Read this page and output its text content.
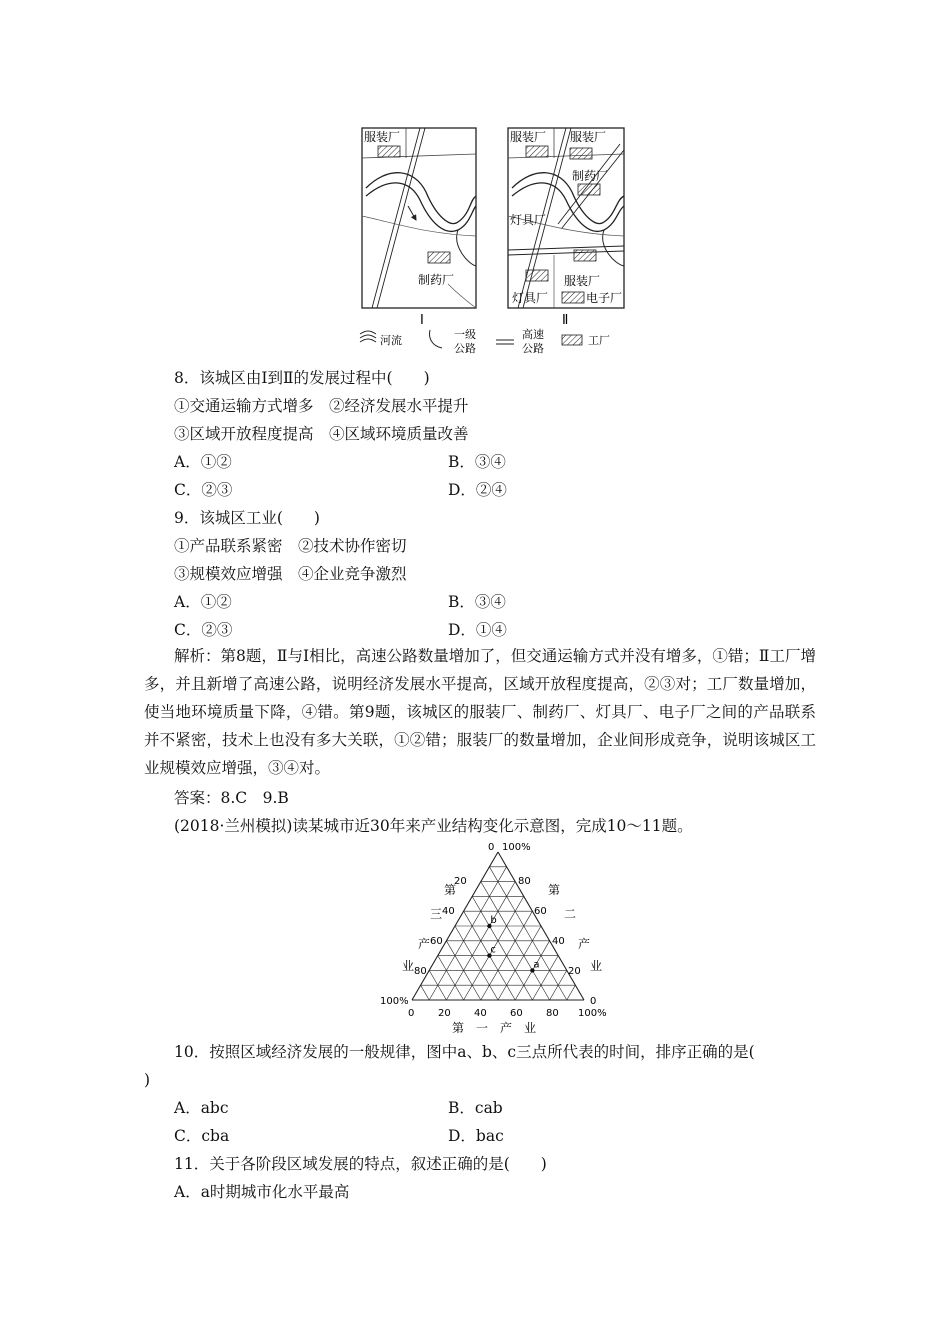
服装厂
制药厂
Ⅰ
服装厂 服装厂
制药厂
灯具厂
服装厂
灯具厂	电子厂
Ⅱ
河流	一级
公路
高速
公路
工厂
8．该城区由Ⅰ到Ⅱ的发展过程中(　　)
①交通运输方式增多　②经济发展水平提升
③区域开放程度提高　④区域环境质量改善
A．①②	B．③④
C．②③	D．②④
9．该城区工业(　　)
①产品联系紧密　②技术协作密切
③规模效应增强　④企业竞争激烈
A．①②	B．③④
C．②③	D．①④
解析：第8题，Ⅱ与Ⅰ相比，高速公路数量增加了，但交通运输方式并没有增多，①错；Ⅱ工厂增多，并且新增了高速公路，说明经济发展水平提高，区域开放程度提高，②③对；工厂数量增加，使当地环境质量下降，④错。第9题，该城区的服装厂、制药厂、灯具厂、电子厂之间的产品联系并不紧密，技术上也没有多大关联，①②错；服装厂的数量增加，企业间形成竞争，说明该城区工业规模效应增强，③④对。
答案：8.C　9.B
(2018·兰州模拟)读某城市近30年来产业结构变化示意图，完成10～11题。
0 100%
20
40
60
80
100%
80
60
40
20
0
0 20 40 60 80 100%
第
三
产
业
第
二
产
业
第　一　产　业
a
b
c
10．按照区域经济发展的一般规律，图中a、b、c三点所代表的时间，排序正确的是(
)
A．abc	B．cab
C．cba	D．bac
11．关于各阶段区域发展的特点，叙述正确的是(　　)
A．a时期城市化水平最高
